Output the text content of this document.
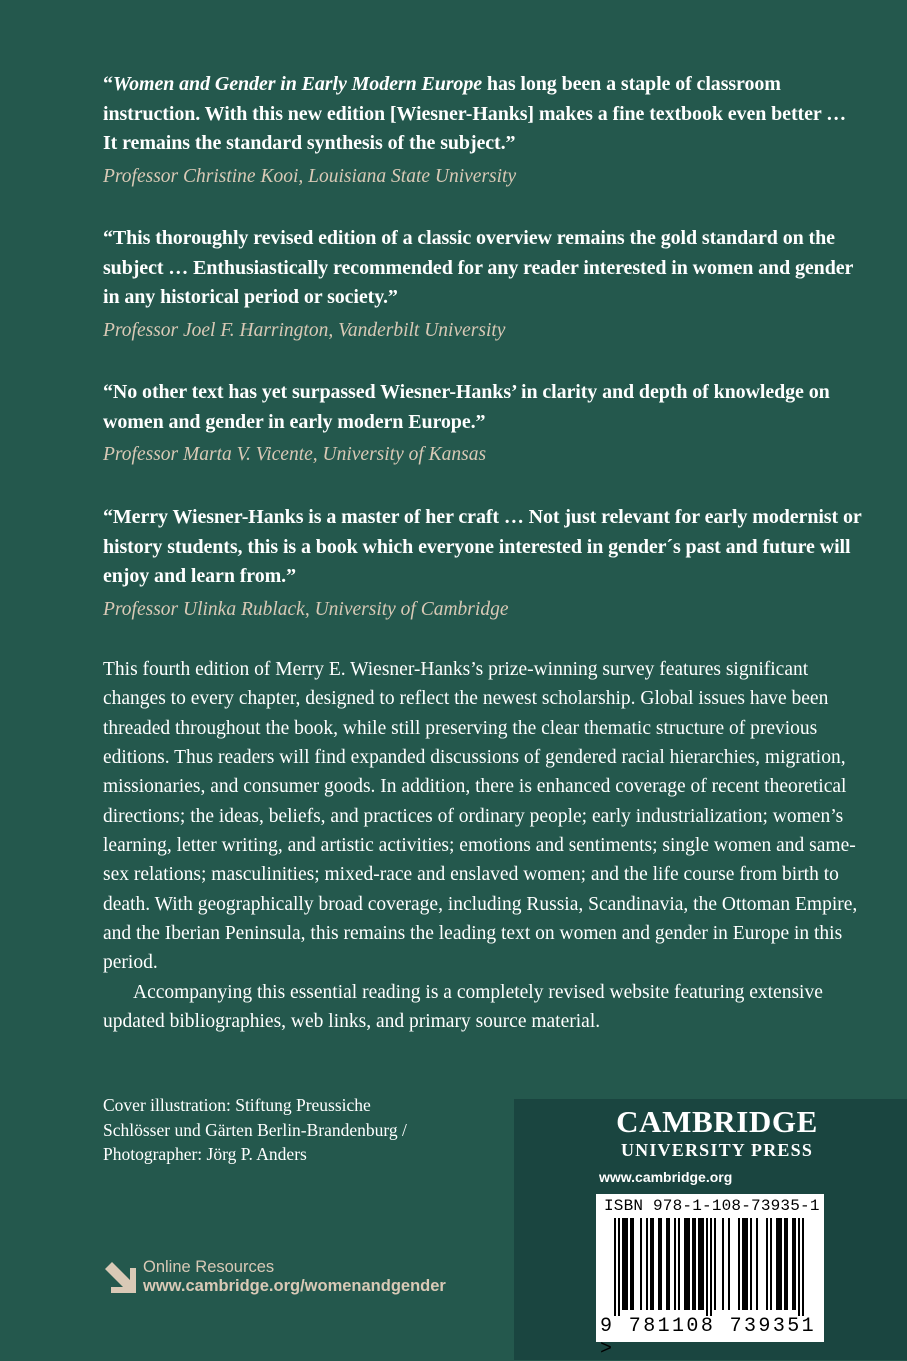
“Women and Gender in Early Modern Europe has long been a staple of classroom instruction. With this new edition [Wiesner-Hanks] makes a fine textbook even better … It remains the standard synthesis of the subject.”

Professor Christine Kooi, Louisiana State University

“This thoroughly revised edition of a classic overview remains the gold standard on the subject … Enthusiastically recommended for any reader interested in women and gender in any historical period or society.”

Professor Joel F. Harrington, Vanderbilt University

“No other text has yet surpassed Wiesner-Hanks’ in clarity and depth of knowledge on women and gender in early modern Europe.”

Professor Marta V. Vicente, University of Kansas

“Merry Wiesner-Hanks is a master of her craft … Not just relevant for early modernist or history students, this is a book which everyone interested in gender´s past and future will enjoy and learn from.”

Professor Ulinka Rublack, University of Cambridge

This fourth edition of Merry E. Wiesner-Hanks’s prize-winning survey features significant changes to every chapter, designed to reflect the newest scholarship. Global issues have been threaded throughout the book, while still preserving the clear thematic structure of previous editions. Thus readers will find expanded discussions of gendered racial hierarchies, migration, missionaries, and consumer goods. In addition, there is enhanced coverage of recent theoretical directions; the ideas, beliefs, and practices of ordinary people; early industrialization; women’s learning, letter writing, and artistic activities; emotions and sentiments; single women and same-sex relations; masculinities; mixed-race and enslaved women; and the life course from birth to death. With geographically broad coverage, including Russia, Scandinavia, the Ottoman Empire, and the Iberian Peninsula, this remains the leading text on women and gender in Europe in this period.

Accompanying this essential reading is a completely revised website featuring extensive updated bibliographies, web links, and primary source material.

Cover illustration: Stiftung Preussiche
Schlösser und Gärten Berlin-Brandenburg /
Photographer: Jörg P. Anders
Online Resources
www.cambridge.org/womenandgender
CAMBRIDGE
UNIVERSITY PRESS
www.cambridge.org
ISBN 978-1-108-73935-1
9 781108 739351 >
